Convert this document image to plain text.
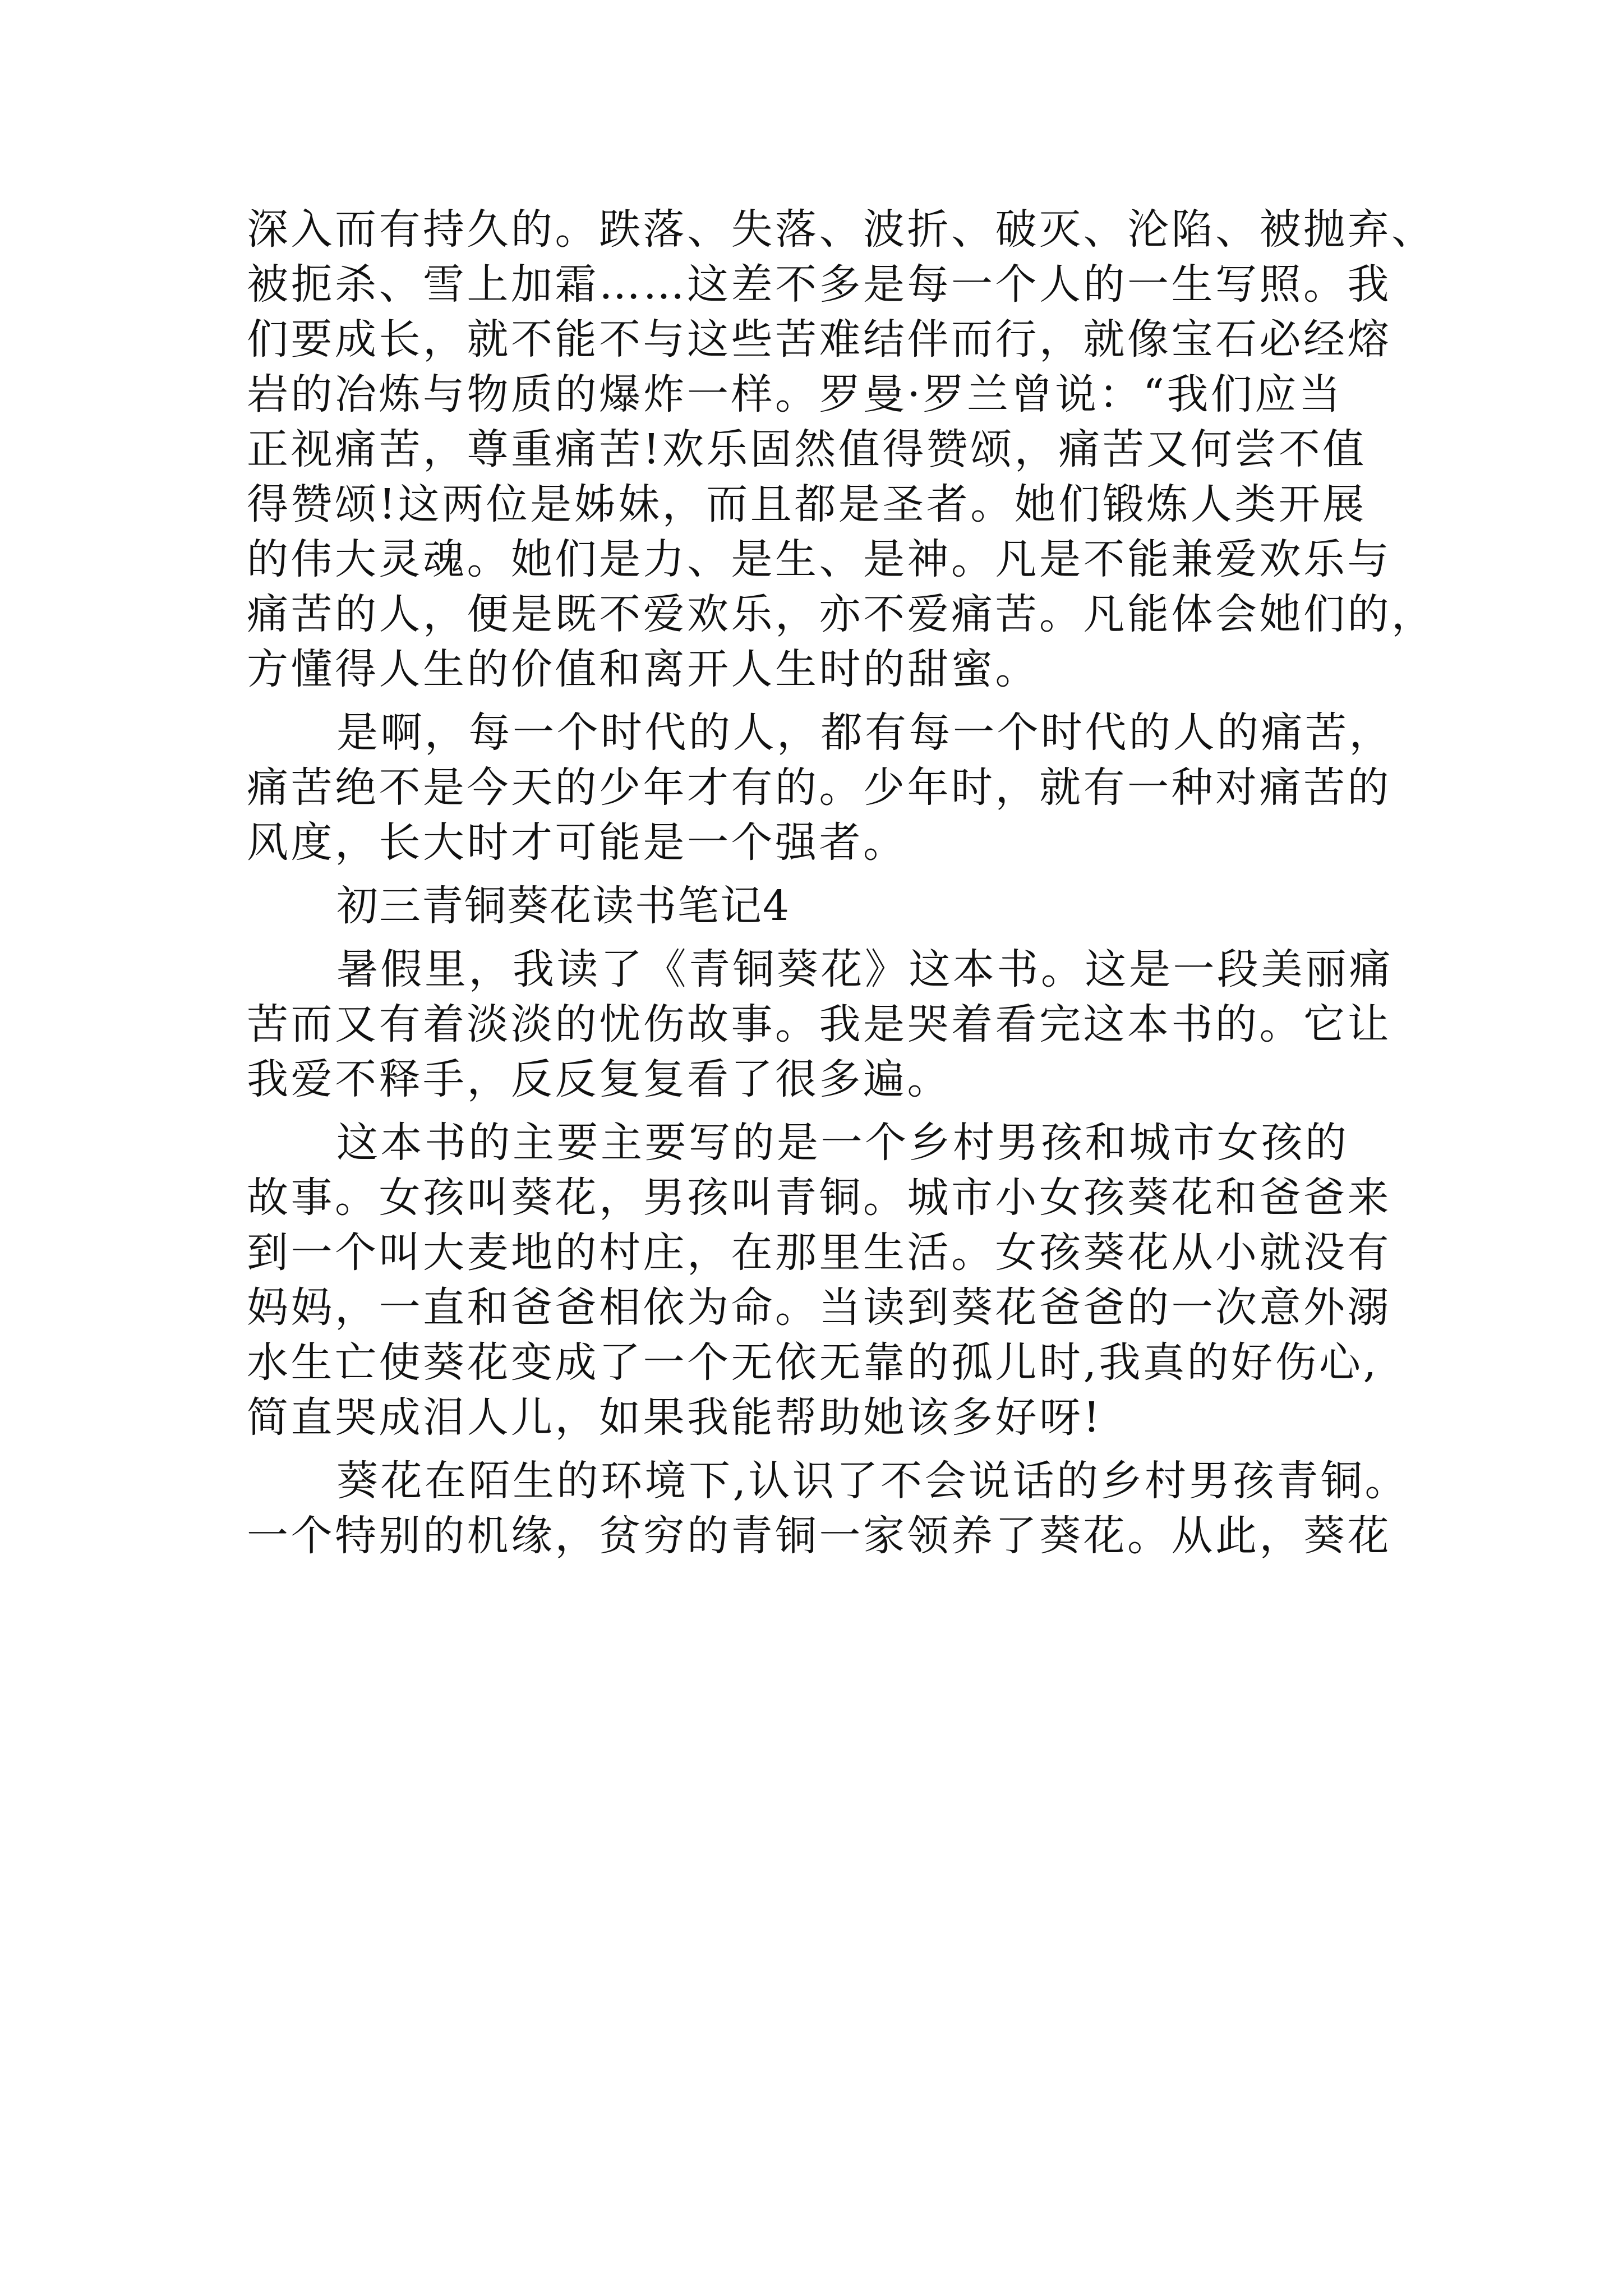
深入而有持久的。跌落、失落、波折、破灭、沦陷、被抛弃、
被扼杀、雪上加霜……这差不多是每一个人的一生写照。我
们要成长，就不能不与这些苦难结伴而行，就像宝石必经熔
岩的冶炼与物质的爆炸一样。罗曼·罗兰曾说：“我们应当
正视痛苦，尊重痛苦!欢乐固然值得赞颂，痛苦又何尝不值
得赞颂!这两位是姊妹，而且都是圣者。她们锻炼人类开展
的伟大灵魂。她们是力、是生、是神。凡是不能兼爱欢乐与
痛苦的人，便是既不爱欢乐，亦不爱痛苦。凡能体会她们的，
方懂得人生的价值和离开人生时的甜蜜。
是啊，每一个时代的人，都有每一个时代的人的痛苦，
痛苦绝不是今天的少年才有的。少年时，就有一种对痛苦的
风度，长大时才可能是一个强者。
初三青铜葵花读书笔记4
暑假里，我读了《青铜葵花》这本书。这是一段美丽痛
苦而又有着淡淡的忧伤故事。我是哭着看完这本书的。它让
我爱不释手，反反复复看了很多遍。
这本书的主要主要写的是一个乡村男孩和城市女孩的
故事。女孩叫葵花，男孩叫青铜。城市小女孩葵花和爸爸来
到一个叫大麦地的村庄，在那里生活。女孩葵花从小就没有
妈妈，一直和爸爸相依为命。当读到葵花爸爸的一次意外溺
水生亡使葵花变成了一个无依无靠的孤儿时,我真的好伤心,
简直哭成泪人儿，如果我能帮助她该多好呀!
葵花在陌生的环境下,认识了不会说话的乡村男孩青铜。
一个特别的机缘，贫穷的青铜一家领养了葵花。从此，葵花
